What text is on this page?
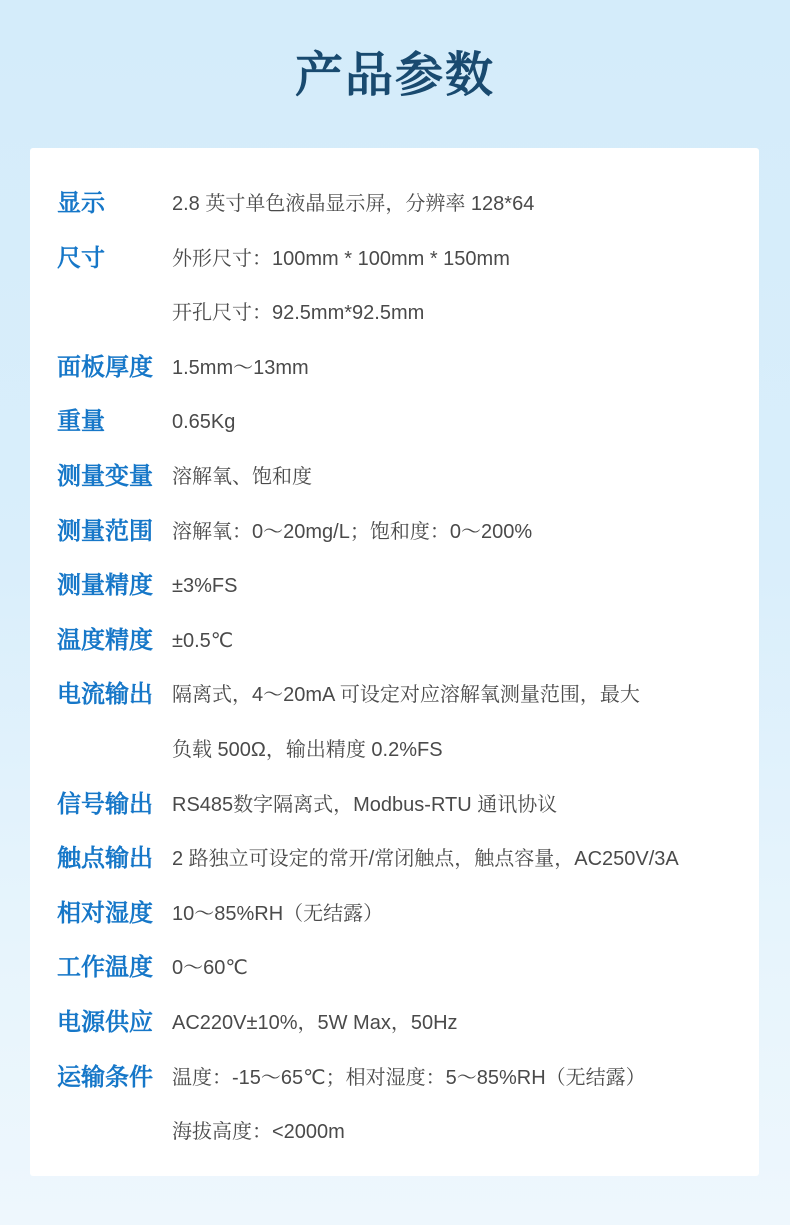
产品参数
显示	2.8 英寸单色液晶显示屏，分辨率 128*64
尺寸	外形尺寸：100mm * 100mm * 150mm
开孔尺寸：92.5mm*92.5mm
面板厚度 1.5mm～13mm
重量	0.65Kg
测量变量 溶解氧、饱和度
测量范围 溶解氧：0～20mg/L；饱和度：0～200%
测量精度 ±3%FS
温度精度 ±0.5℃
电流输出 隔离式，4～20mA 可设定对应溶解氧测量范围，最大
负载 500Ω，输出精度 0.2%FS
信号输出 RS485数字隔离式，Modbus-RTU 通讯协议
触点输出 2 路独立可设定的常开/常闭触点，触点容量，AC250V/3A
相对湿度 10～85%RH（无结露）
工作温度 0～60℃
电源供应 AC220V±10%，5W Max，50Hz
运输条件 温度：-15～65℃；相对湿度：5～85%RH（无结露）
海拔高度：<2000m
